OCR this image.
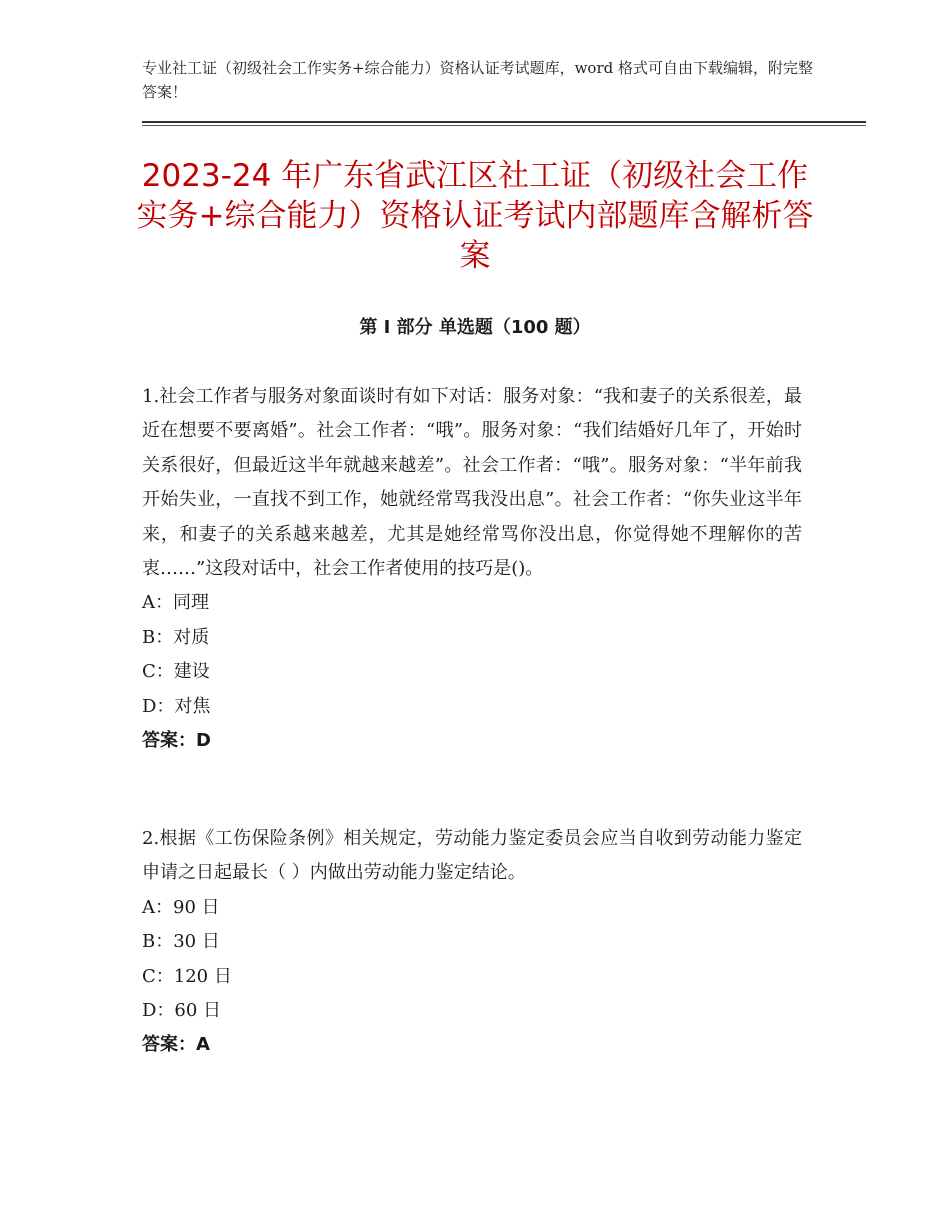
专业社工证（初级社会工作实务+综合能力）资格认证考试题库，word 格式可自由下载编辑，附完整答案！
2023-24 年广东省武江区社工证（初级社会工作实务+综合能力）资格认证考试内部题库含解析答案
第 I 部分 单选题（100 题）
1.社会工作者与服务对象面谈时有如下对话：服务对象：“我和妻子的关系很差，最近在想要不要离婚”。社会工作者：“哦”。服务对象：“我们结婚好几年了，开始时关系很好，但最近这半年就越来越差”。社会工作者：“哦”。服务对象：“半年前我开始失业，一直找不到工作，她就经常骂我没出息”。社会工作者：“你失业这半年来，和妻子的关系越来越差，尤其是她经常骂你没出息，你觉得她不理解你的苦衷……”这段对话中，社会工作者使用的技巧是()。
A：同理
B：对质
C：建设
D：对焦
答案：D
2.根据《工伤保险条例》相关规定，劳动能力鉴定委员会应当自收到劳动能力鉴定申请之日起最长（ ）内做出劳动能力鉴定结论。
A：90 日
B：30 日
C：120 日
D：60 日
答案：A
